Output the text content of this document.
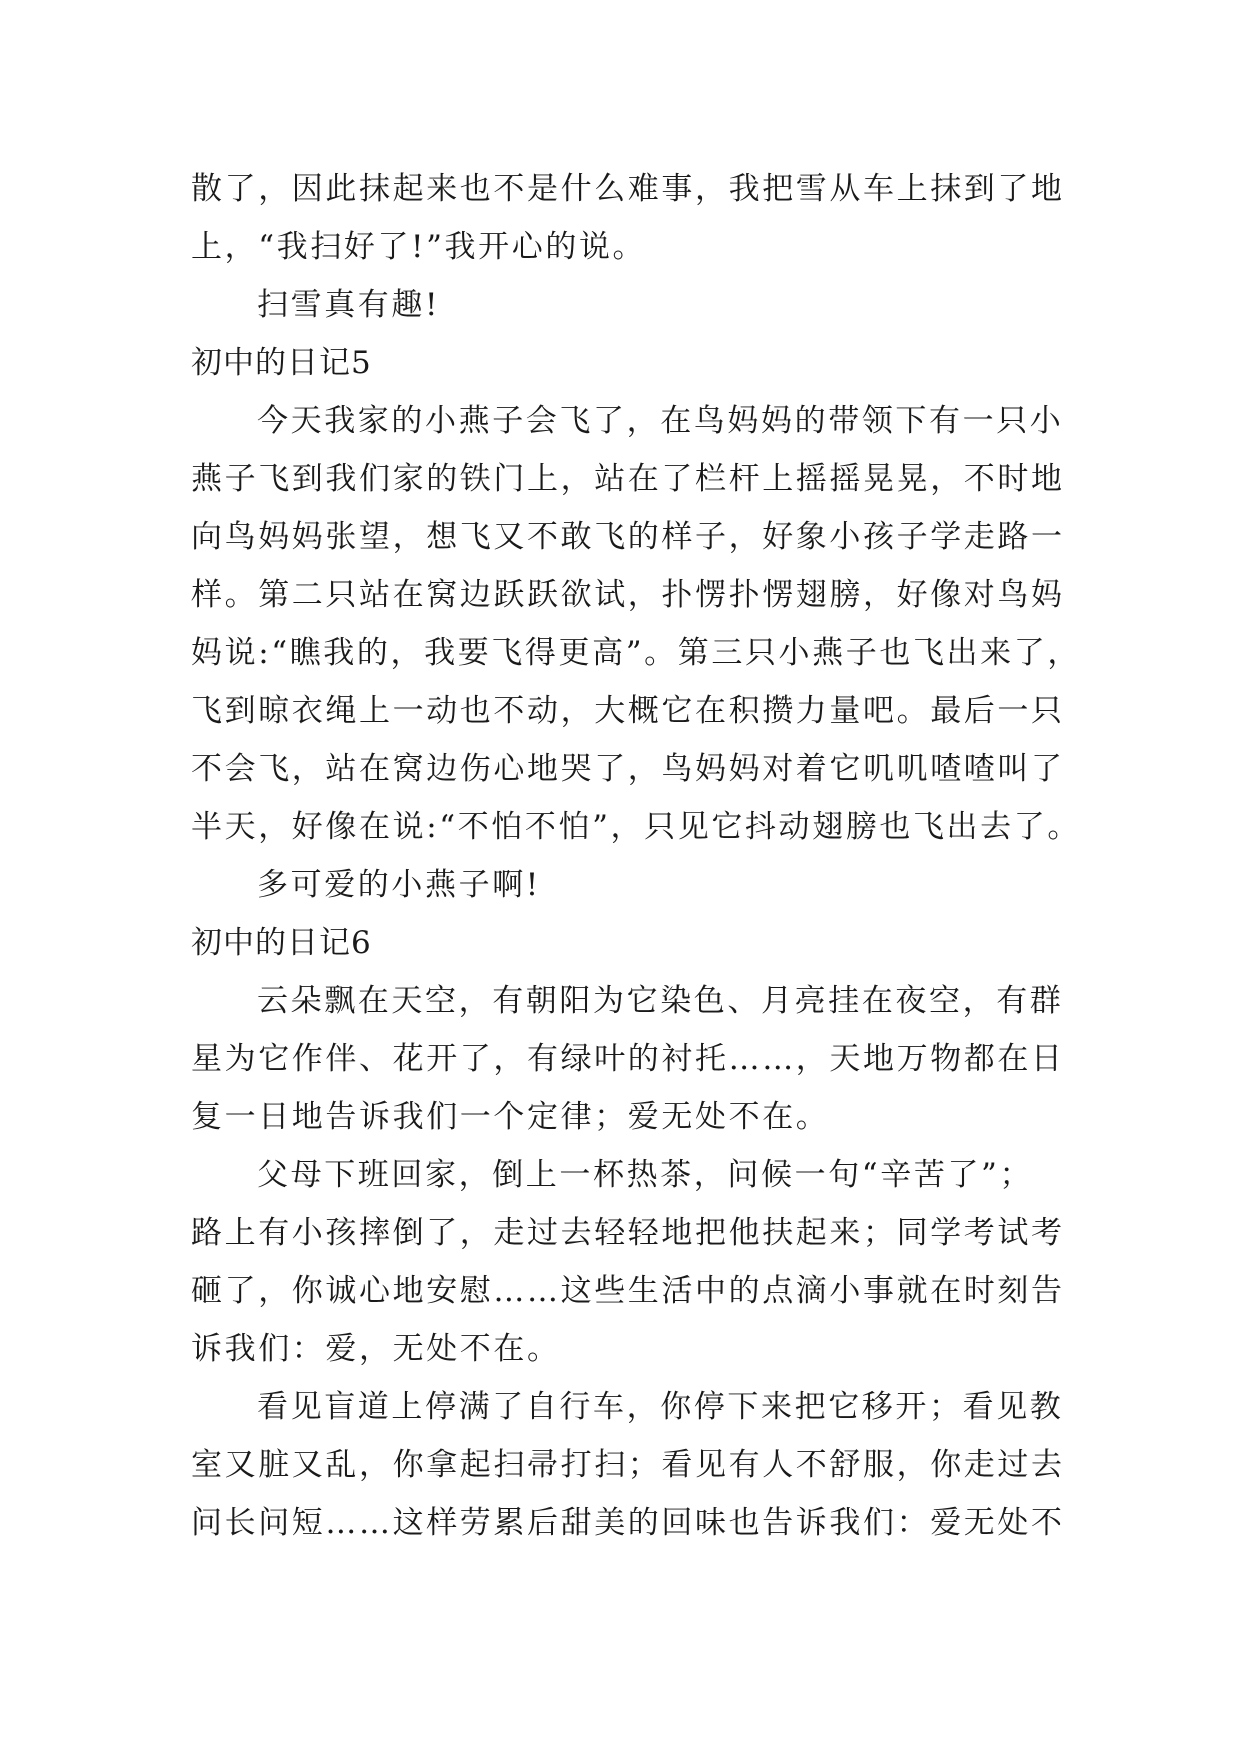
散了，因此抹起来也不是什么难事，我把雪从车上抹到了地
上，“我扫好了!”我开心的说。
扫雪真有趣!
初中的日记5
今天我家的小燕子会飞了，在鸟妈妈的带领下有一只小
燕子飞到我们家的铁门上，站在了栏杆上摇摇晃晃，不时地
向鸟妈妈张望，想飞又不敢飞的样子，好象小孩子学走路一
样。第二只站在窝边跃跃欲试，扑愣扑愣翅膀，好像对鸟妈
妈说:“瞧我的，我要飞得更高”。第三只小燕子也飞出来了，
飞到晾衣绳上一动也不动，大概它在积攒力量吧。最后一只
不会飞，站在窝边伤心地哭了，鸟妈妈对着它叽叽喳喳叫了
半天，好像在说:“不怕不怕”，只见它抖动翅膀也飞出去了。
多可爱的小燕子啊!
初中的日记6
云朵飘在天空，有朝阳为它染色、月亮挂在夜空，有群
星为它作伴、花开了，有绿叶的衬托……，天地万物都在日
复一日地告诉我们一个定律；爱无处不在。
父母下班回家，倒上一杯热茶，问候一句“辛苦了”；
路上有小孩摔倒了，走过去轻轻地把他扶起来；同学考试考
砸了，你诚心地安慰……这些生活中的点滴小事就在时刻告
诉我们：爱，无处不在。
看见盲道上停满了自行车，你停下来把它移开；看见教
室又脏又乱，你拿起扫帚打扫；看见有人不舒服，你走过去
问长问短……这样劳累后甜美的回味也告诉我们：爱无处不
